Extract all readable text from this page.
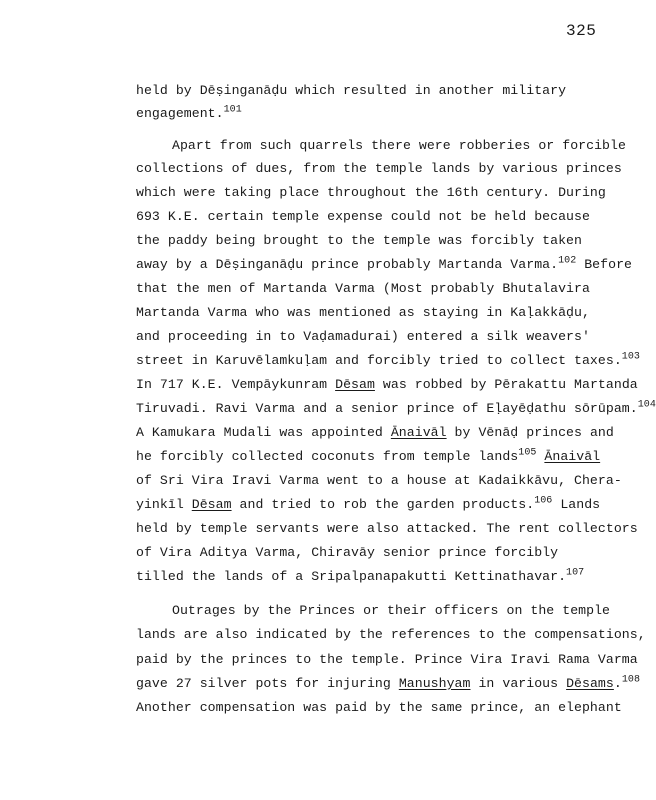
325
held by Dēṣinganāḍu which resulted in another military
engagement.$^{101}$
Apart from such quarrels there were robberies or forcible
collections of dues, from the temple lands by various princes
which were taking place throughout the 16th century. During
693 K.E. certain temple expense could not be held because
the paddy being brought to the temple was forcibly taken
away by a Dēṣinganāḍu prince probably Martanda Varma.$^{102}$ Before
that the men of Martanda Varma (Most probably Bhutalavira
Martanda Varma who was mentioned as staying in Kaḷakkāḍu,
and proceeding in to Vaḍamadurai) entered a silk weavers'
street in Karuvēlamkuḷam and forcibly tried to collect taxes.$^{103}$
In 717 K.E. Vempāykunram Dēsam was robbed by Pērakattu Martanda
Tiruvadi. Ravi Varma and a senior prince of Eḷayēḍathu sōrūpam.$^{104}$
A Kamukara Mudali was appointed Ānaivāl by Vēnāḍ princes and
he forcibly collected coconuts from temple lands$^{105}$ Ānaivāl
of Sri Vira Iravi Varma went to a house at Kadaikkāvu, Chera-
yinkīl Dēsam and tried to rob the garden products.$^{106}$ Lands
held by temple servants were also attacked. The rent collectors
of Vira Aditya Varma, Chiravāy senior prince forcibly
tilled the lands of a Sripalpanapakutti Kettinathavar.$^{107}$
Outrages by the Princes or their officers on the temple
lands are also indicated by the references to the compensations,
paid by the princes to the temple. Prince Vira Iravi Rama Varma
gave 27 silver pots for injuring Manushyam in various Dēsams.$^{108}$
Another compensation was paid by the same prince, an elephant
